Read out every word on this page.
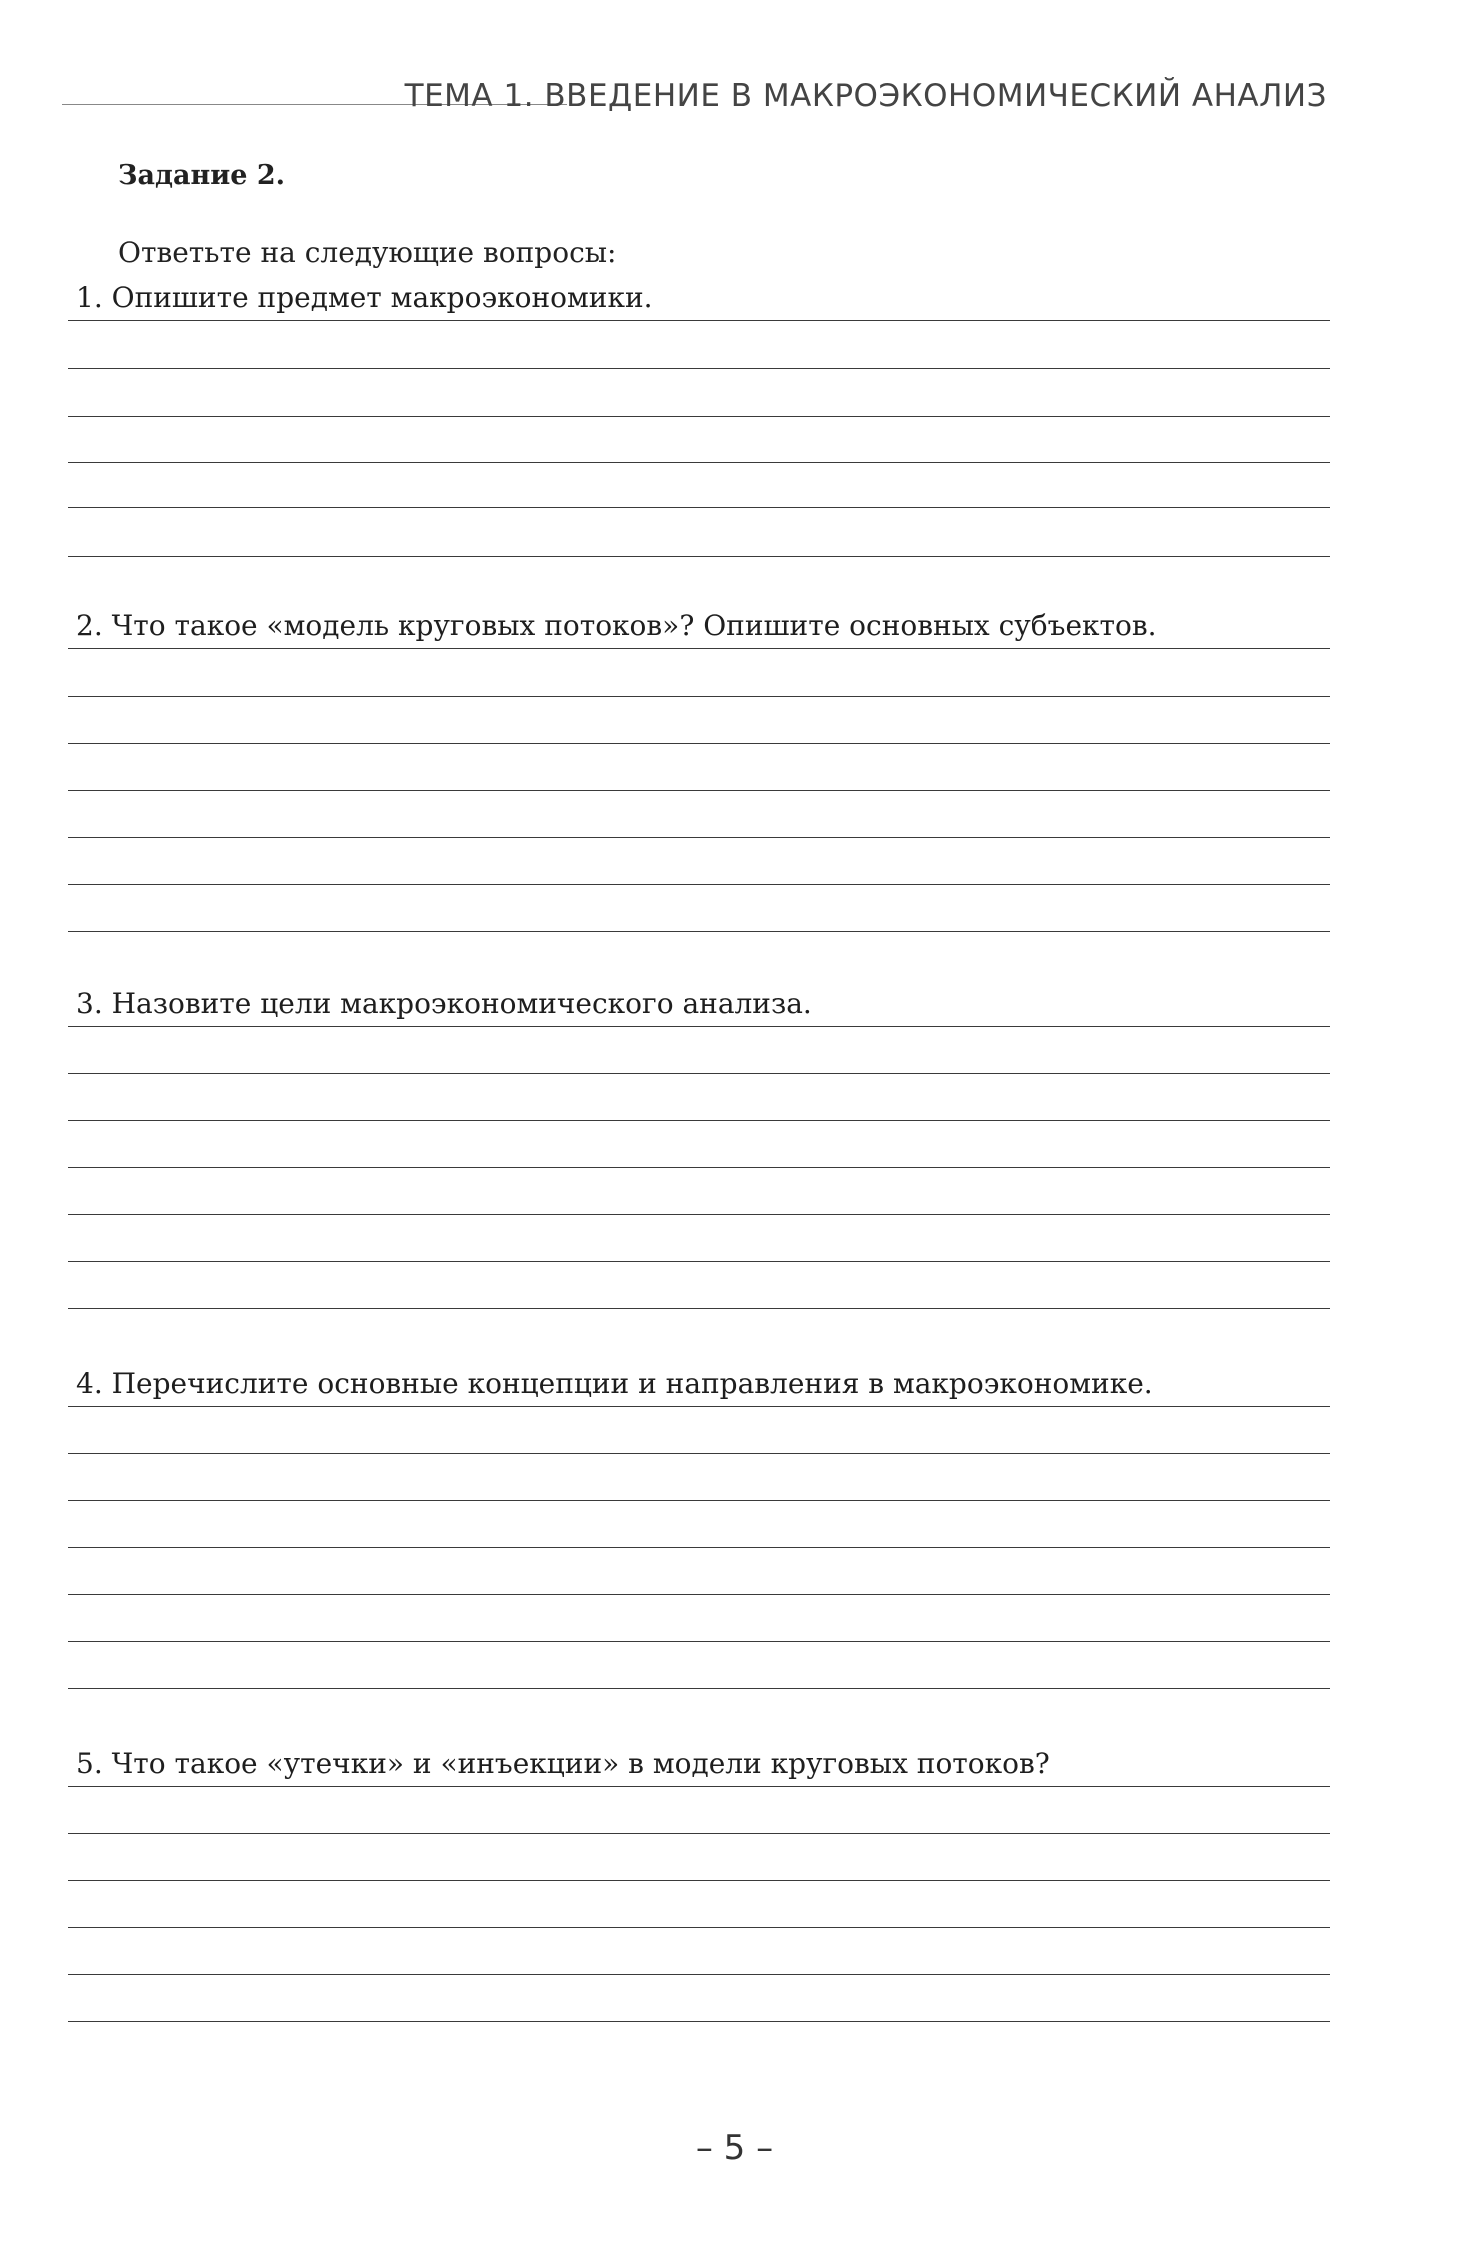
ТЕМА 1. ВВЕДЕНИЕ В МАКРОЭКОНОМИЧЕСКИЙ АНАЛИЗ
Задание 2.
Ответьте на следующие вопросы:
1. Опишите предмет макроэкономики.
2. Что такое «модель круговых потоков»? Опишите основных субъектов.
3. Назовите цели макроэкономического анализа.
4. Перечислите основные концепции и направления в макроэкономике.
5. Что такое «утечки» и «инъекции» в модели круговых потоков?
– 5 –
